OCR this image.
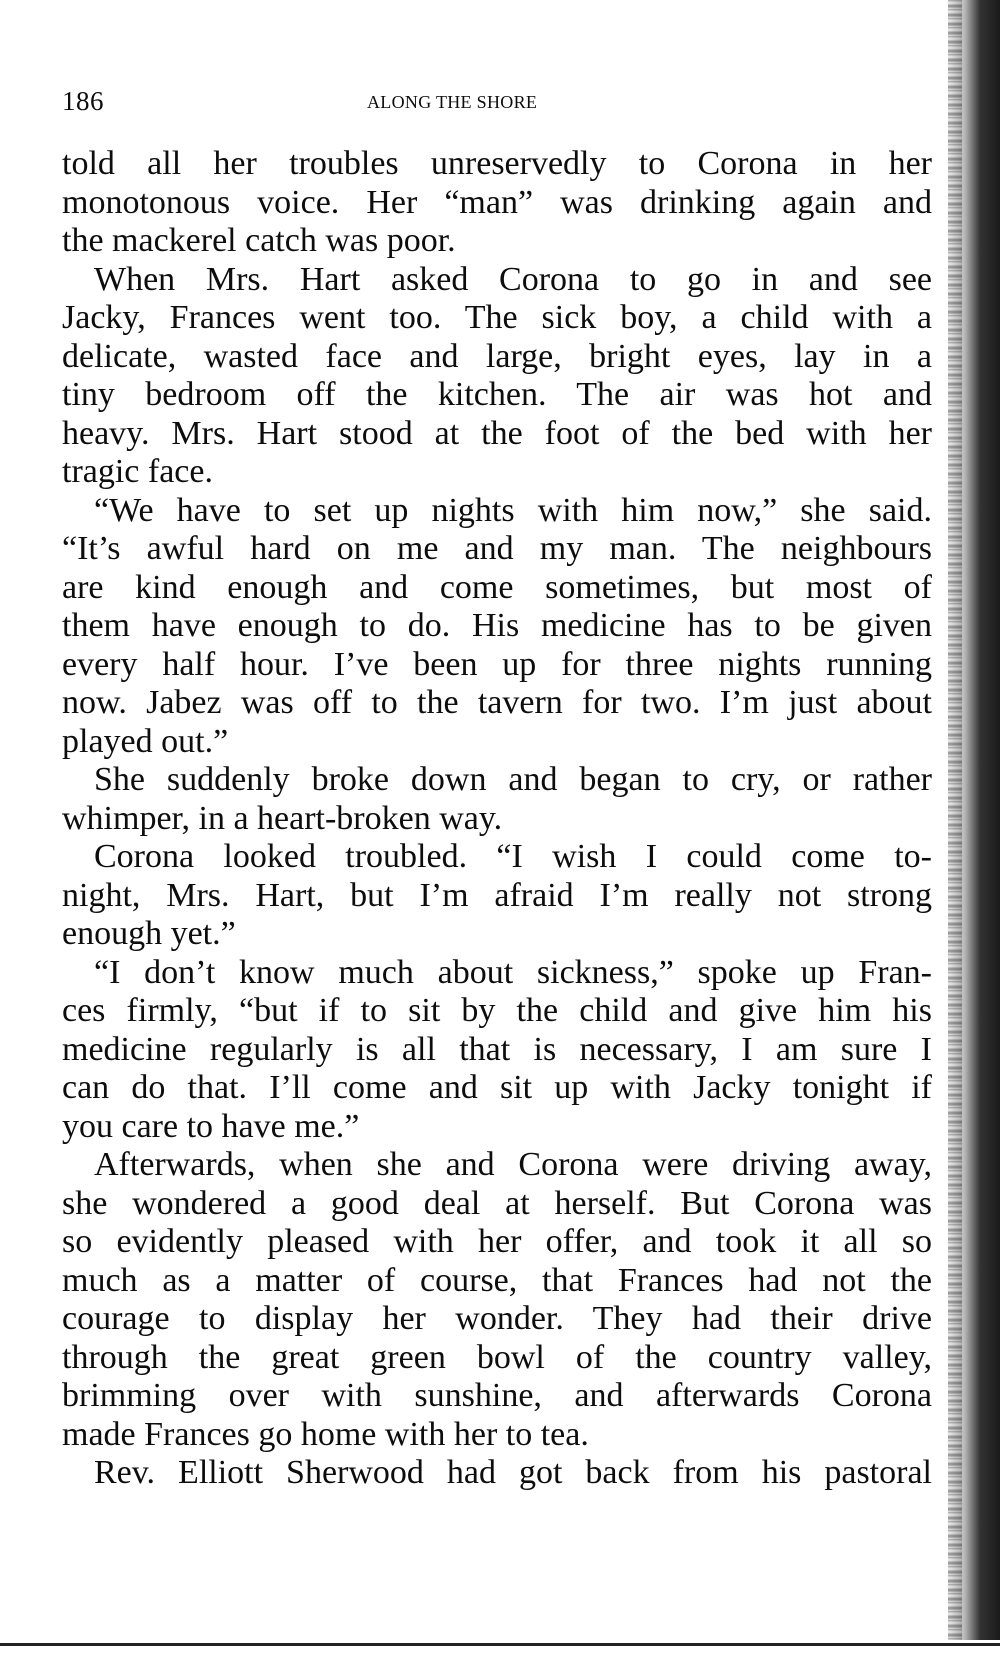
186	ALONG THE SHORE
told all her troubles unreservedly to Corona in her
monotonous voice. Her “man” was drinking again and
the mackerel catch was poor.
When Mrs. Hart asked Corona to go in and see
Jacky, Frances went too. The sick boy, a child with a
delicate, wasted face and large, bright eyes, lay in a
tiny bedroom off the kitchen. The air was hot and
heavy. Mrs. Hart stood at the foot of the bed with her
tragic face.
“We have to set up nights with him now,” she said.
“It’s awful hard on me and my man. The neighbours
are kind enough and come sometimes, but most of
them have enough to do. His medicine has to be given
every half hour. I’ve been up for three nights running
now. Jabez was off to the tavern for two. I’m just about
played out.”
She suddenly broke down and began to cry, or rather
whimper, in a heart-broken way.
Corona looked troubled. “I wish I could come to-
night, Mrs. Hart, but I’m afraid I’m really not strong
enough yet.”
“I don’t know much about sickness,” spoke up Fran-
ces firmly, “but if to sit by the child and give him his
medicine regularly is all that is necessary, I am sure I
can do that. I’ll come and sit up with Jacky tonight if
you care to have me.”
Afterwards, when she and Corona were driving away,
she wondered a good deal at herself. But Corona was
so evidently pleased with her offer, and took it all so
much as a matter of course, that Frances had not the
courage to display her wonder. They had their drive
through the great green bowl of the country valley,
brimming over with sunshine, and afterwards Corona
made Frances go home with her to tea.
Rev. Elliott Sherwood had got back from his pastoral
